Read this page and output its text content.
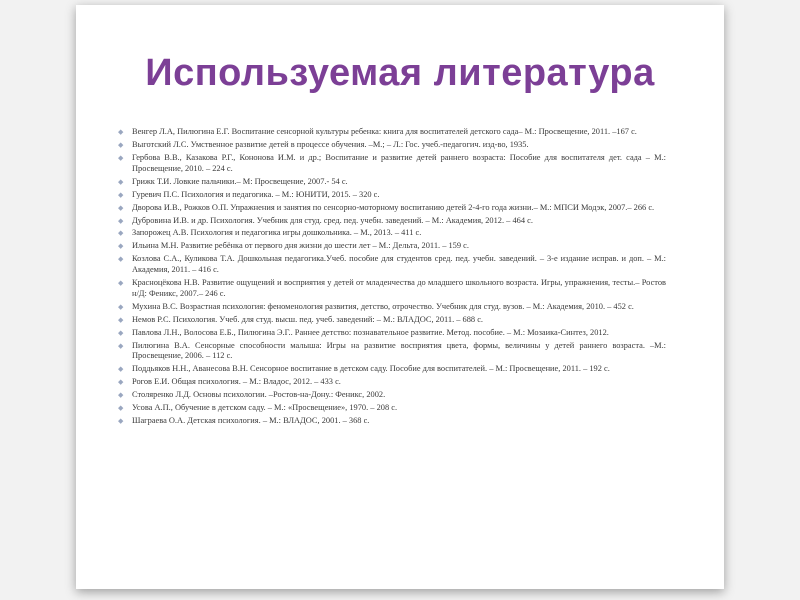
Используемая литература
◆ Венгер Л.А, Пилюгина Е.Г. Воспитание сенсорной культуры ребенка: книга для воспитателей детского сада– М.: Просвещение, 2011. –167 с.
◆ Выготский Л.С. Умственное развитие детей в процессе обучения. –М.; – Л.: Гос. учеб.-педагогич. изд-во, 1935.
◆ Гербова В.В., Казакова Р.Г., Кононова И.М. и др.; Воспитание и развитие детей раннего возраста: Пособие для воспитателя дет. сада – М.: Просвещение, 2010. – 224 с.
◆ Грижк Т.И. Ловкие пальчики.– М: Просвещение, 2007.- 54 с.
◆ Гуревич П.С. Психология и педагогика. – М.: ЮНИТИ, 2015. – 320 с.
◆ Дворова И.В., Рожков О.П. Упражнения и занятия по сенсорно-моторному воспитанию детей 2-4-го года жизни.– М.: МПСИ Модэк, 2007.– 266 с.
◆ Дубровина И.В. и др. Психология. Учебник для студ. сред. пед. учебн. заведений. – М.: Академия, 2012. – 464 с.
◆ Запорожец А.В. Психология и педагогика игры дошкольника. – М., 2013. – 411 с.
◆ Ильина М.Н. Развитие ребёнка от первого дня жизни до шести лет – М.: Дельта, 2011. – 159 с.
◆ Козлова С.А., Куликова Т.А. Дошкольная педагогика.Учеб. пособие для студентов сред. пед. учебн. заведений. – 3-е издание исправ. и доп. – М.: Академия, 2011. – 416 с.
◆ Красноцёкова Н.В. Развитие ощущений и восприятия у детей от младенчества до младшего школьного возраста. Игры, упражнения, тесты.– Ростов н/Д: Феникс, 2007.– 246 с.
◆ Мухина В.С. Возрастная психология: феноменология развития, детство, отрочество. Учебник для студ. вузов. – М.: Академия, 2010. – 452 с.
◆ Немов Р.С. Психология. Учеб. для студ. высш. пед. учеб. заведений: – М.: ВЛАДОС, 2011. – 688 с.
◆ Павлова Л.Н., Волосова Е.Б., Пилюгина Э.Г.. Раннее детство: познавательное развитие. Метод. пособие. – М.: Мозаика-Синтез, 2012.
◆ Пилюгина В.А. Сенсорные способности малыша: Игры на развитие восприятия цвета, формы, величины у детей раннего возраста. –М.: Просвещение, 2006. – 112 с.
◆ Поддьяков Н.Н., Аванесова В.Н. Сенсорное воспитание в детском саду. Пособие для воспитателей. – М.: Просвещение, 2011. – 192 с.
◆ Рогов Е.И. Общая психология. – М.: Владос, 2012. – 433 с.
◆ Столяренко Л.Д. Основы психологии. –Ростов-на-Дону.: Феникс, 2002.
◆ Усова А.П., Обучение в детском саду. – М.: «Просвещение», 1970. – 208 с.
◆ Шаграева О.А. Детская психология. – М.: ВЛАДОС, 2001. – 368 с.
